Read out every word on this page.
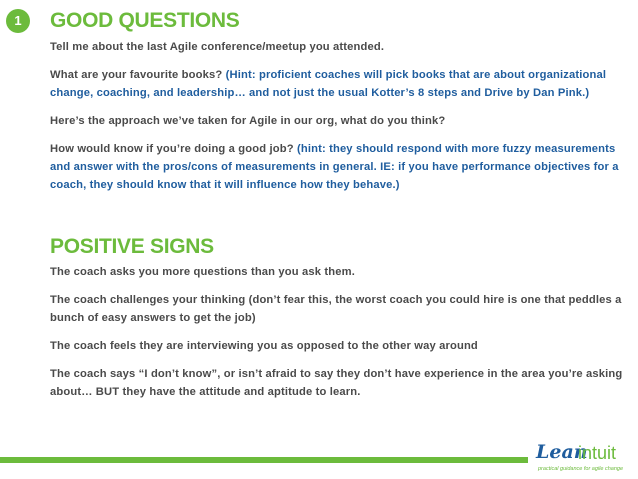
1	GOOD QUESTIONS

Tell me about the last Agile conference/meetup you attended.

What are your favourite books? (Hint: proficient coaches will pick books that are about organizational change, coaching, and leadership… and not just the usual Kotter’s 8 steps and Drive by Dan Pink.)

Here’s the approach we’ve taken for Agile in our org, what do you think?

How would know if you’re doing a good job? (hint: they should respond with more fuzzy measurements and answer with the pros/cons of measurements in general. IE: if you have performance objectives for a coach, they should know that it will influence how they behave.)

POSITIVE SIGNS

The coach asks you more questions than you ask them.

The coach challenges your thinking (don’t fear this, the worst coach you could hire is one that peddles a bunch of easy answers to get the job)

The coach feels they are interviewing you as opposed to the other way around

The coach says “I don’t know”, or isn’t afraid to say they don’t have experience in the area you’re asking about… BUT they have the attitude and aptitude to learn.

Lean
intuit
practical guidance for agile change
